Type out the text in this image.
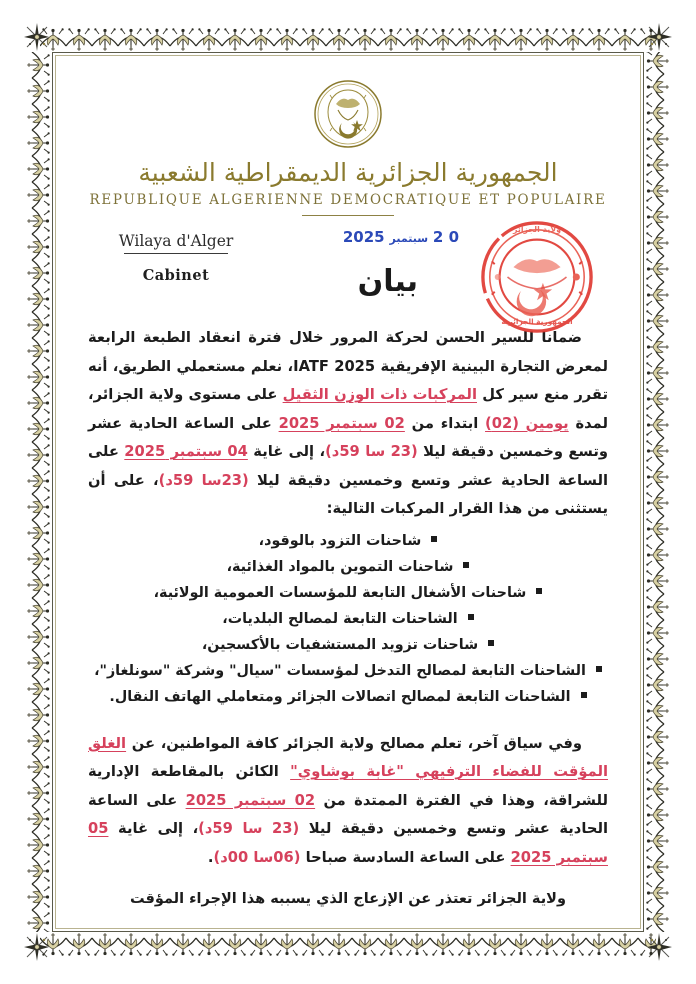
الجمهورية الجزائرية الديمقراطية الشعبية
REPUBLIQUE ALGERIENNE DEMOCRATIQUE ET POPULAIRE
Wilaya d'Alger
Cabinet
0 2 سبتمبر 2025
بيان
ولاية الجزائر
الجمهورية الجزائرية

ضمانا للسير الحسن لحركة المرور خلال فترة انعقاد الطبعة الرابعة لمعرض التجارة البينية الإفريقية IATF 2025، نعلم مستعملي الطريق، أنه تقرر منع سير كل المركبات ذات الوزن الثقيل على مستوى ولاية الجزائر، لمدة يومين (02) ابتداء من 02 سبتمبر 2025 على الساعة الحادية عشر وتسع وخمسين دقيقة ليلا (23 سا 59د)، إلى غاية 04 سبتمبر 2025 على الساعة الحادية عشر وتسع وخمسين دقيقة ليلا (23سا 59د)، على أن يستثنى من هذا القرار المركبات التالية:

شاحنات التزود بالوقود،
شاحنات التموين بالمواد الغذائية،
شاحنات الأشغال التابعة للمؤسسات العمومية الولائية،
الشاحنات التابعة لمصالح البلديات،
شاحنات تزويد المستشفيات بالأكسجين،
الشاحنات التابعة لمصالح التدخل لمؤسسات "سيال" وشركة "سونلغاز"،
الشاحنات التابعة لمصالح اتصالات الجزائر ومتعاملي الهاتف النقال.

وفي سياق آخر، تعلم مصالح ولاية الجزائر كافة المواطنين، عن الغلق المؤقت للفضاء الترفيهي "غابة بوشاوي" الكائن بالمقاطعة الإدارية للشراقة، وهذا في الفترة الممتدة من 02 سبتمبر 2025 على الساعة الحادية عشر وتسع وخمسين دقيقة ليلا (23 سا 59د)، إلى غاية 05 سبتمبر 2025 على الساعة السادسة صباحا (06سا 00د).

ولاية الجزائر تعتذر عن الإزعاج الذي يسببه هذا الإجراء المؤقت
